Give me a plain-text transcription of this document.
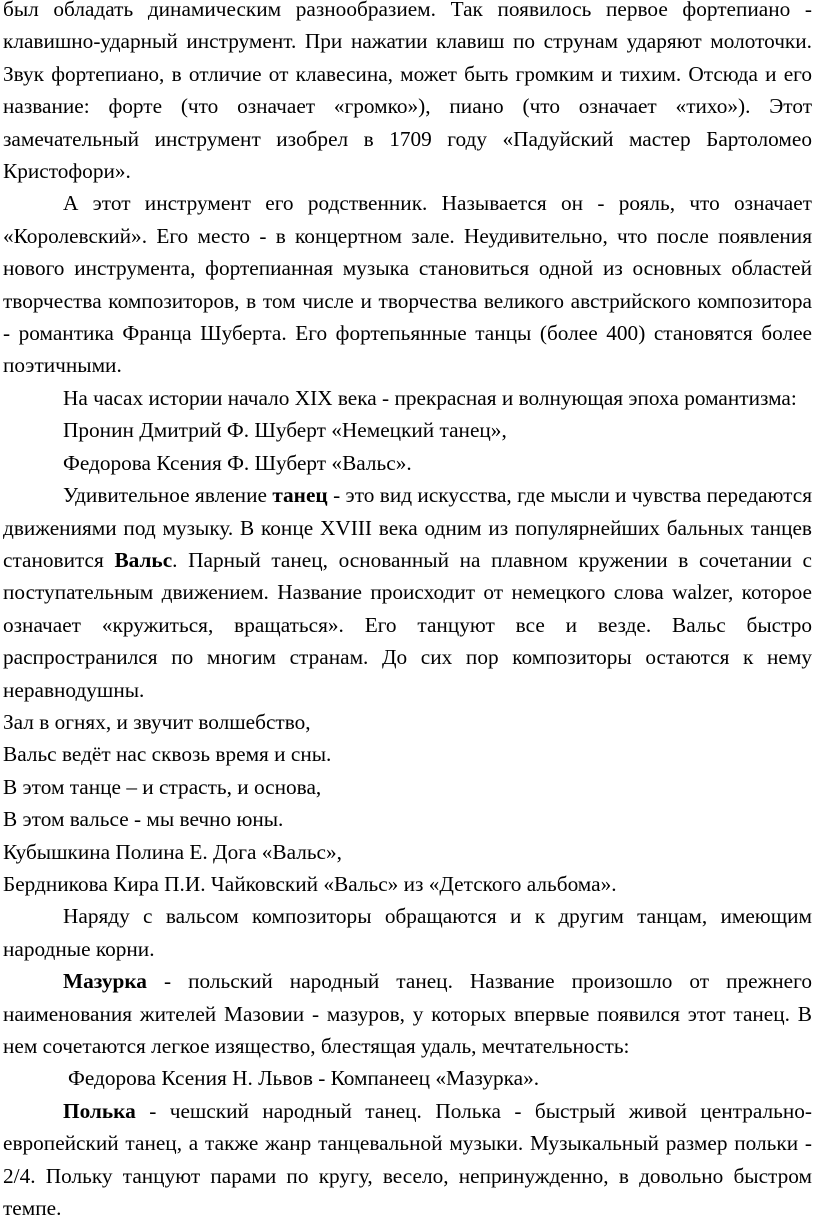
был обладать динамическим разнообразием. Так появилось первое фортепиано - клавишно-ударный инструмент. При нажатии клавиш по струнам ударяют молоточки. Звук фортепиано, в отличие от клавесина, может быть громким и тихим. Отсюда и его название: форте (что означает «громко»), пиано (что означает «тихо»). Этот замечательный инструмент изобрел в 1709 году «Падуйский мастер Бартоломео Кристофори».

А этот инструмент его родственник. Называется он - рояль, что означает «Королевский». Его место - в концертном зале. Неудивительно, что после появления нового инструмента, фортепианная музыка становиться одной из основных областей творчества композиторов, в том числе и творчества великого австрийского композитора - романтика Франца Шуберта. Его фортепьянные танцы (более 400) становятся более поэтичными.

На часах истории начало XIX века - прекрасная и волнующая эпоха романтизма:

Пронин Дмитрий Ф. Шуберт «Немецкий танец»,

Федорова Ксения Ф. Шуберт «Вальс».

Удивительное явление танец - это вид искусства, где мысли и чувства передаются движениями под музыку. В конце XVIII века одним из популярнейших бальных танцев становится Вальс. Парный танец, основанный на плавном кружении в сочетании с поступательным движением. Название происходит от немецкого слова walzer, которое означает «кружиться, вращаться». Его танцуют все и везде. Вальс быстро распространился по многим странам. До сих пор композиторы остаются к нему неравнодушны.

Зал в огнях, и звучит волшебство,

Вальс ведёт нас сквозь время и сны.

В этом танце – и страсть, и основа,

В этом вальсе - мы вечно юны.

Кубышкина Полина Е. Дога «Вальс»,

Бердникова Кира П.И. Чайковский «Вальс» из «Детского альбома».

Наряду с вальсом композиторы обращаются и к другим танцам, имеющим народные корни.

Мазурка - польский народный танец. Название произошло от прежнего наименования жителей Мазовии - мазуров, у которых впервые появился этот танец. В нем сочетаются легкое изящество, блестящая удаль, мечтательность:

Федорова Ксения Н. Львов - Компанеец «Мазурка».

Полька - чешский народный танец. Полька - быстрый живой центрально-европейский танец, а также жанр танцевальной музыки. Музыкальный размер польки - 2/4. Польку танцуют парами по кругу, весело, непринужденно, в довольно быстром темпе.
